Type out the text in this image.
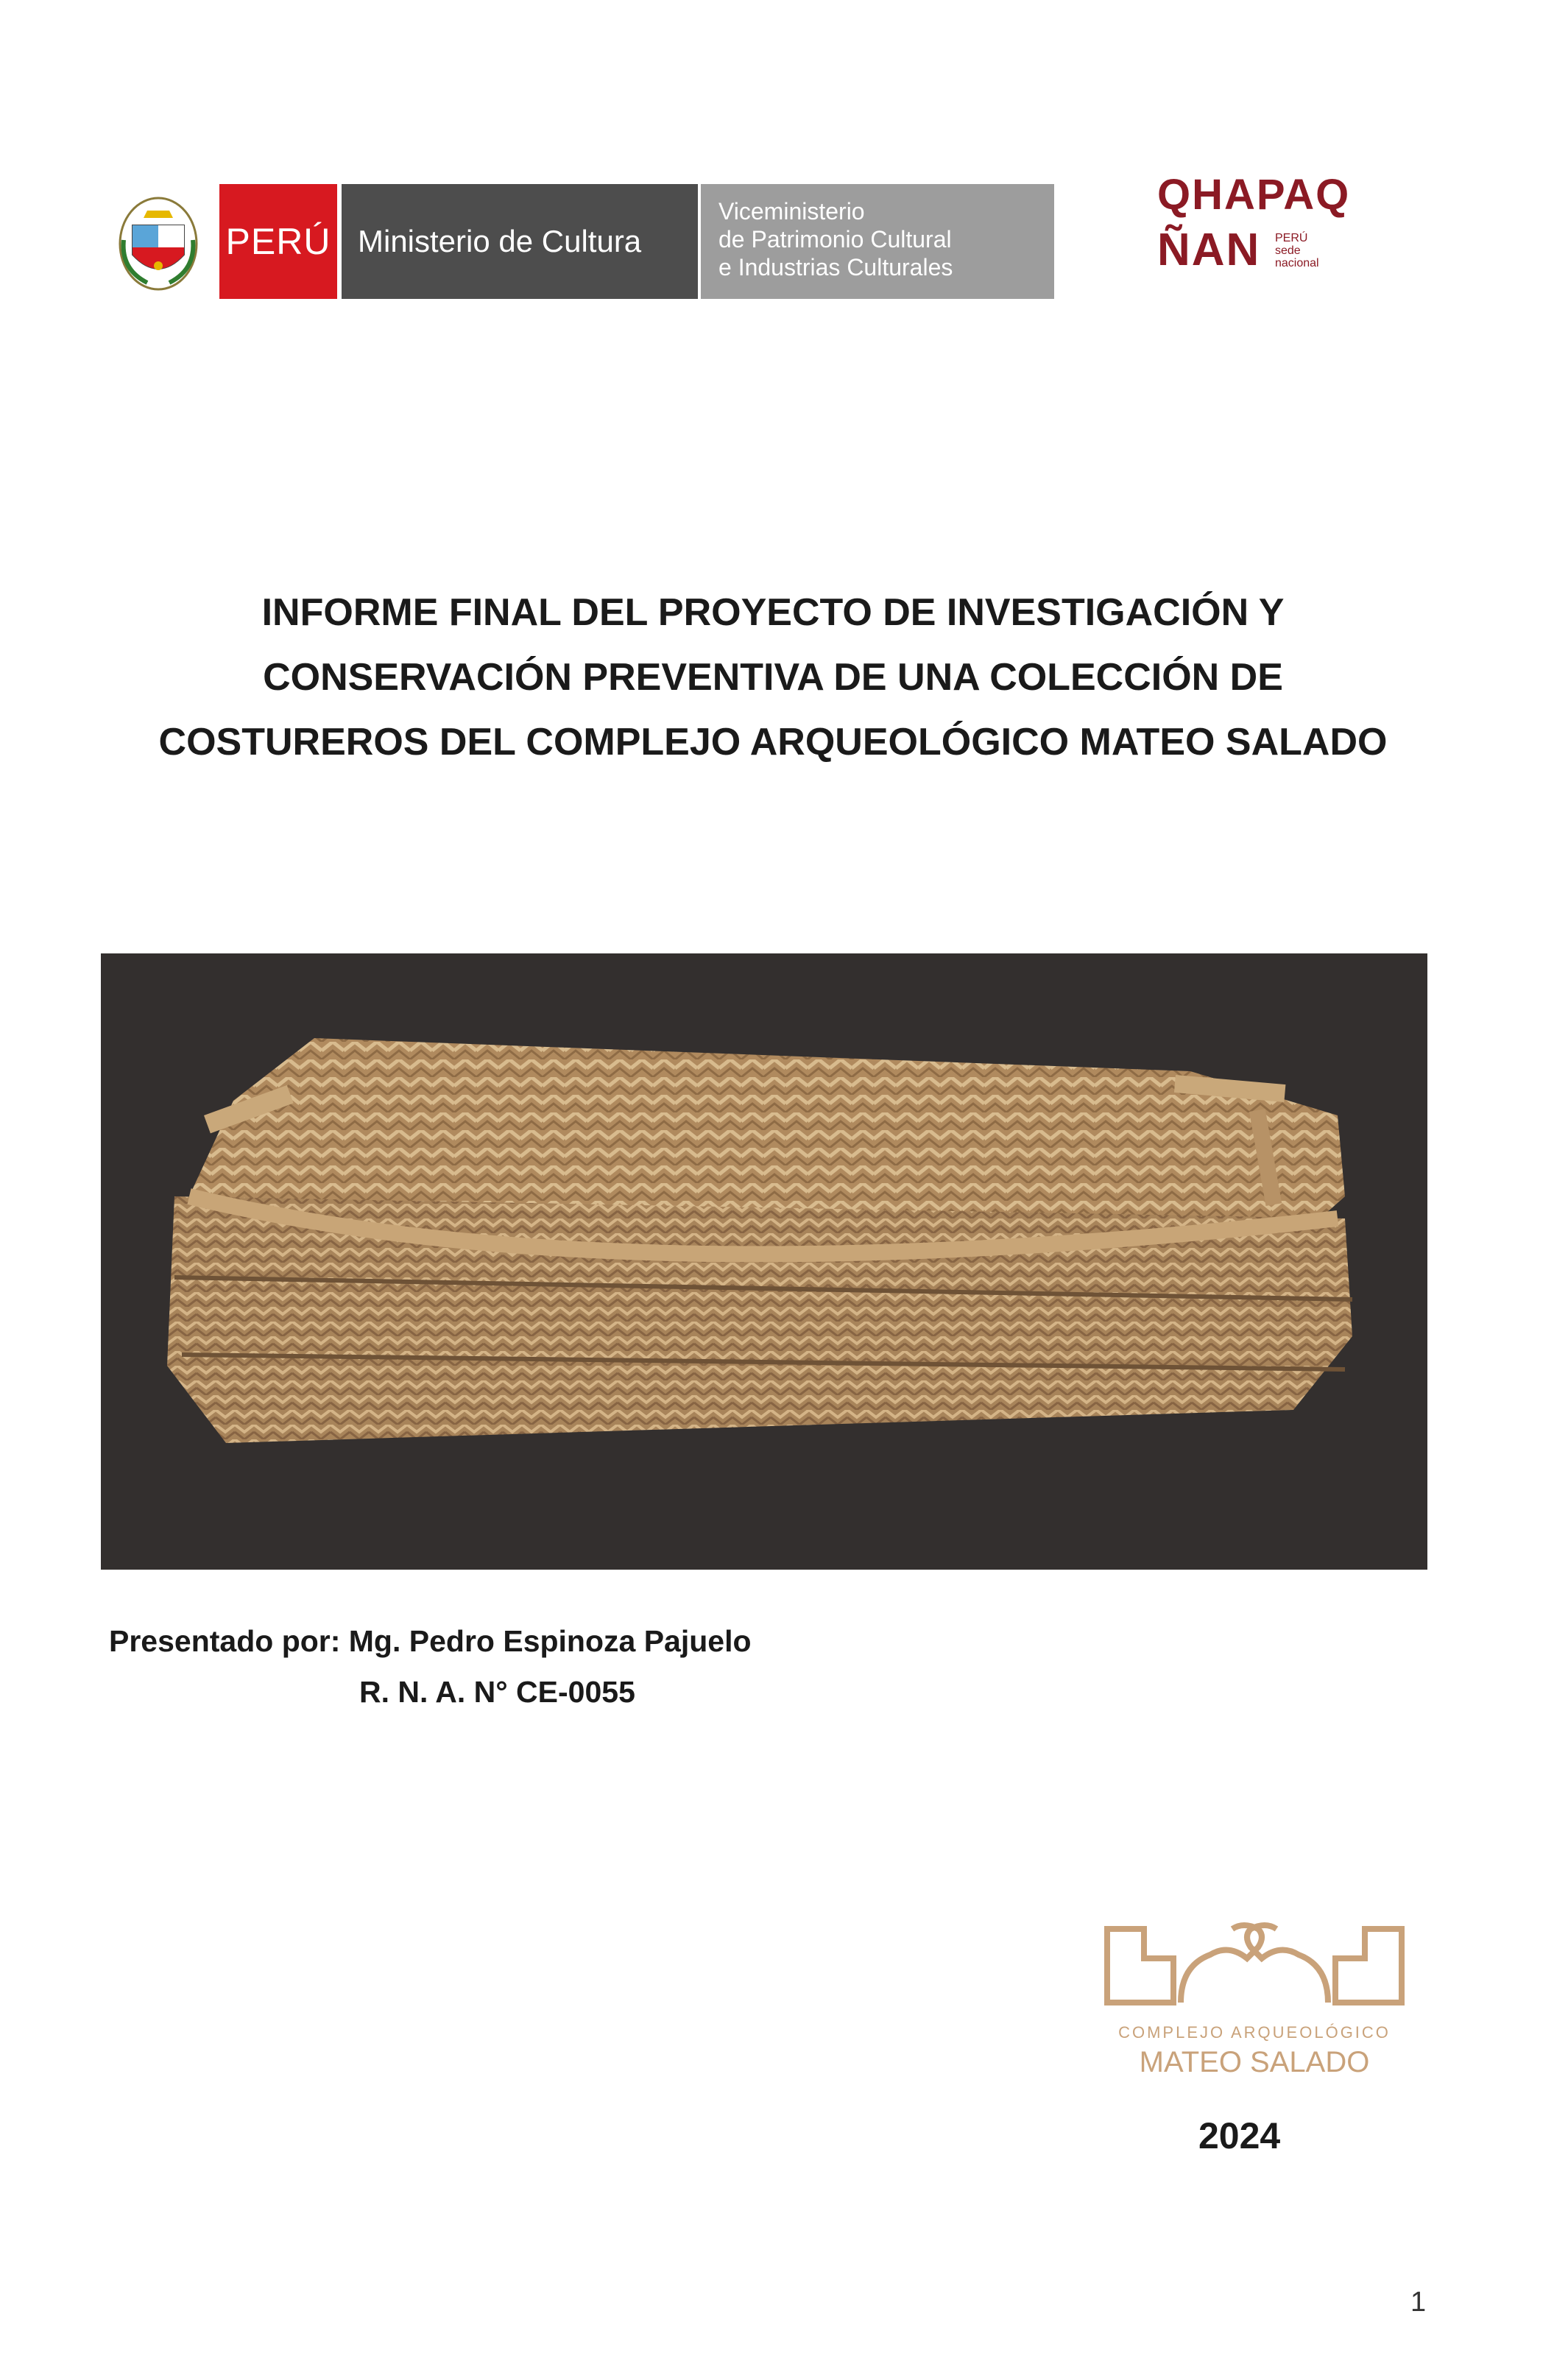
PERÚ Ministerio de Cultura
Viceministerio
de Patrimonio Cultural
e Industrias Culturales
QHAPAQ
ÑAN PERÚ
sede
nacional
INFORME FINAL DEL PROYECTO DE INVESTIGACIÓN Y
CONSERVACIÓN PREVENTIVA DE UNA COLECCIÓN DE
COSTUREROS DEL COMPLEJO ARQUEOLÓGICO MATEO SALADO
Presentado por: Mg. Pedro Espinoza Pajuelo
R. N. A. N° CE-0055
COMPLEJO ARQUEOLÓGICO
MATEO SALADO
2024
1
